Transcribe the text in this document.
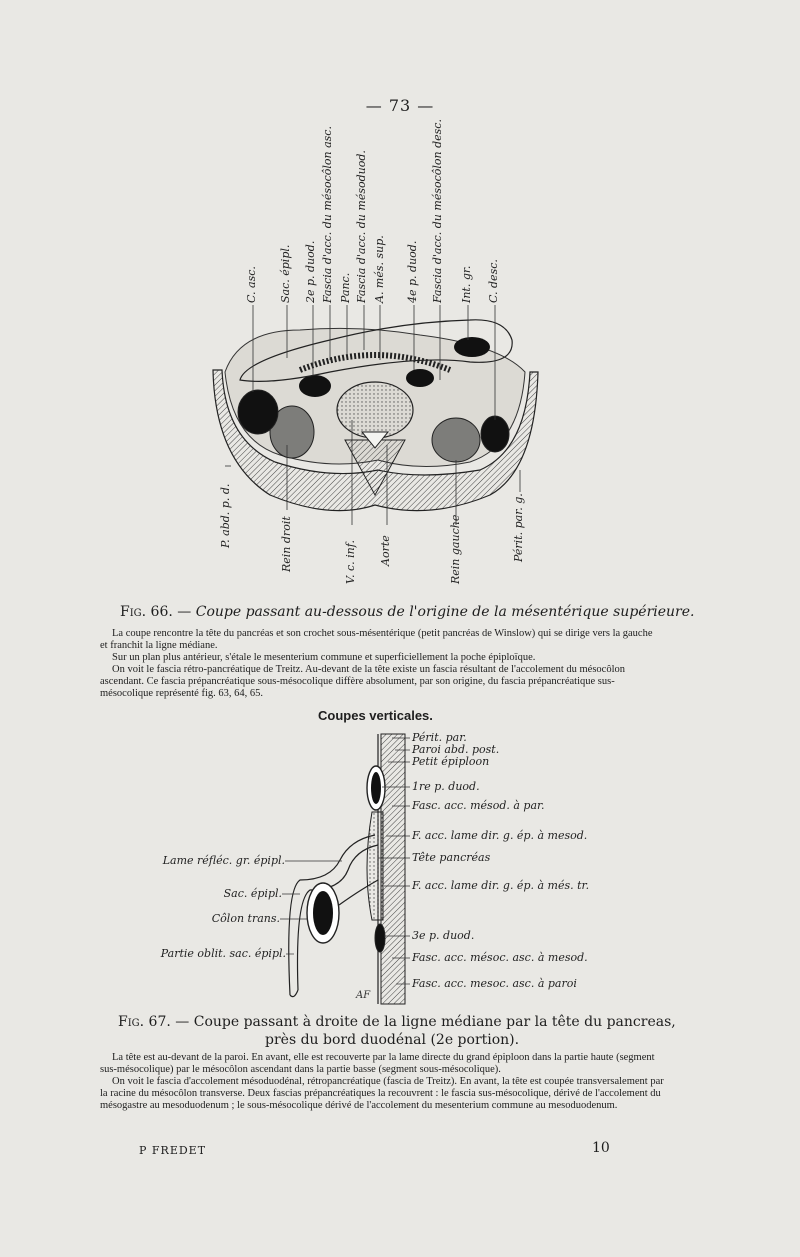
— 73 —
C. asc. Sac. épipl. 2e p. duod. Fascia d'acc. du mésocôlon asc. Panc. Fascia d'acc. du mésoduod. A. més. sup. 4e p. duod. Fascia d'acc. du mésocôlon desc. Int. gr. C. desc.
P. abd. p. d.	Rein droit	V. c. inf. Aorte	Rein gauche	Périt. par. g.
Fig. 66. — Coupe passant au-dessous de l'origine de la mésentérique supérieure.

La coupe rencontre la tête du pancréas et son crochet sous-mésentérique (petit pancréas de Winslow) qui se dirige vers la gauche et franchit la ligne médiane.

Sur un plan plus antérieur, s'étale le mesenterium commune et superficiellement la poche épiploïque.

On voit le fascia rétro-pancréatique de Treitz. Au-devant de la tête existe un fascia résultant de l'accolement du mésocôlon ascendant. Ce fascia prépancréatique sous-mésocolique diffère absolument, par son origine, du fascia prépancréatique sus-mésocolique représenté fig. 63, 64, 65.

Coupes verticales.
AF
Périt. par.
Paroi abd. post.
Petit épiploon
1re p. duod.
Fasc. acc. mésod. à par.
F. acc. lame dir. g. ép. à mesod.
Tête pancréas
F. acc. lame dir. g. ép. à més. tr.
3e p. duod.
Fasc. acc. mésoc. asc. à mesod.
Fasc. acc. mesoc. asc. à paroi
Lame réfléc. gr. épipl.
Sac. épipl.
Côlon trans.
Partie oblit. sac. épipl.
Fig. 67. — Coupe passant à droite de la ligne médiane par la tête du pancreas,
près du bord duodénal (2e portion).

La tête est au-devant de la paroi. En avant, elle est recouverte par la lame directe du grand épiploon dans la partie haute (segment sus-mésocolique) par le mésocôlon ascendant dans la partie basse (segment sous-mésocolique).

On voit le fascia d'accolement mésoduodénal, rétropancréatique (fascia de Treitz). En avant, la tête est coupée transversalement par la racine du mésocôlon transverse. Deux fascias prépancréatiques la recouvrent : le fascia sus-mésocolique, dérivé de l'accolement du mésogastre au mesoduodenum ; le sous-mésocolique dérivé de l'accolement du mesenterium commune au mesoduodenum.

P FREDET	10
